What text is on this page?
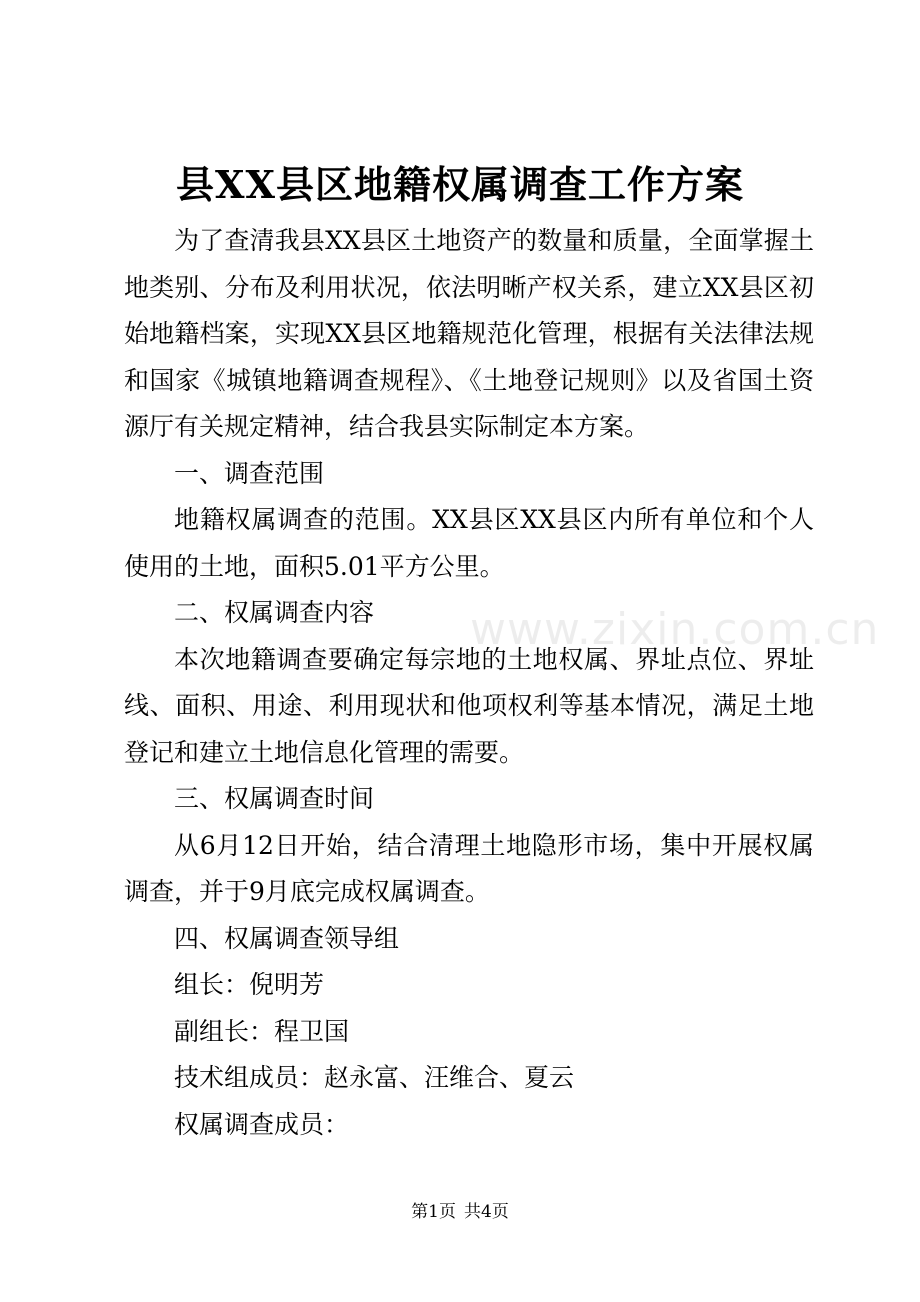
县XX县区地籍权属调查工作方案
www.zixin.com.cn

为了查清我县XX县区土地资产的数量和质量，全面掌握土地类别、分布及利用状况，依法明晰产权关系，建立XX县区初始地籍档案，实现XX县区地籍规范化管理，根据有关法律法规和国家《城镇地籍调查规程》、《土地登记规则》以及省国土资源厅有关规定精神，结合我县实际制定本方案。

一、调查范围

地籍权属调查的范围。XX县区XX县区内所有单位和个人使用的土地，面积5.01平方公里。

二、权属调查内容

本次地籍调查要确定每宗地的土地权属、界址点位、界址线、面积、用途、利用现状和他项权利等基本情况，满足土地登记和建立土地信息化管理的需要。

三、权属调查时间

从6月12日开始，结合清理土地隐形市场，集中开展权属调查，并于9月底完成权属调查。

四、权属调查领导组

组长：倪明芳

副组长：程卫国

技术组成员：赵永富、汪维合、夏云

权属调查成员：

第1页 共4页
